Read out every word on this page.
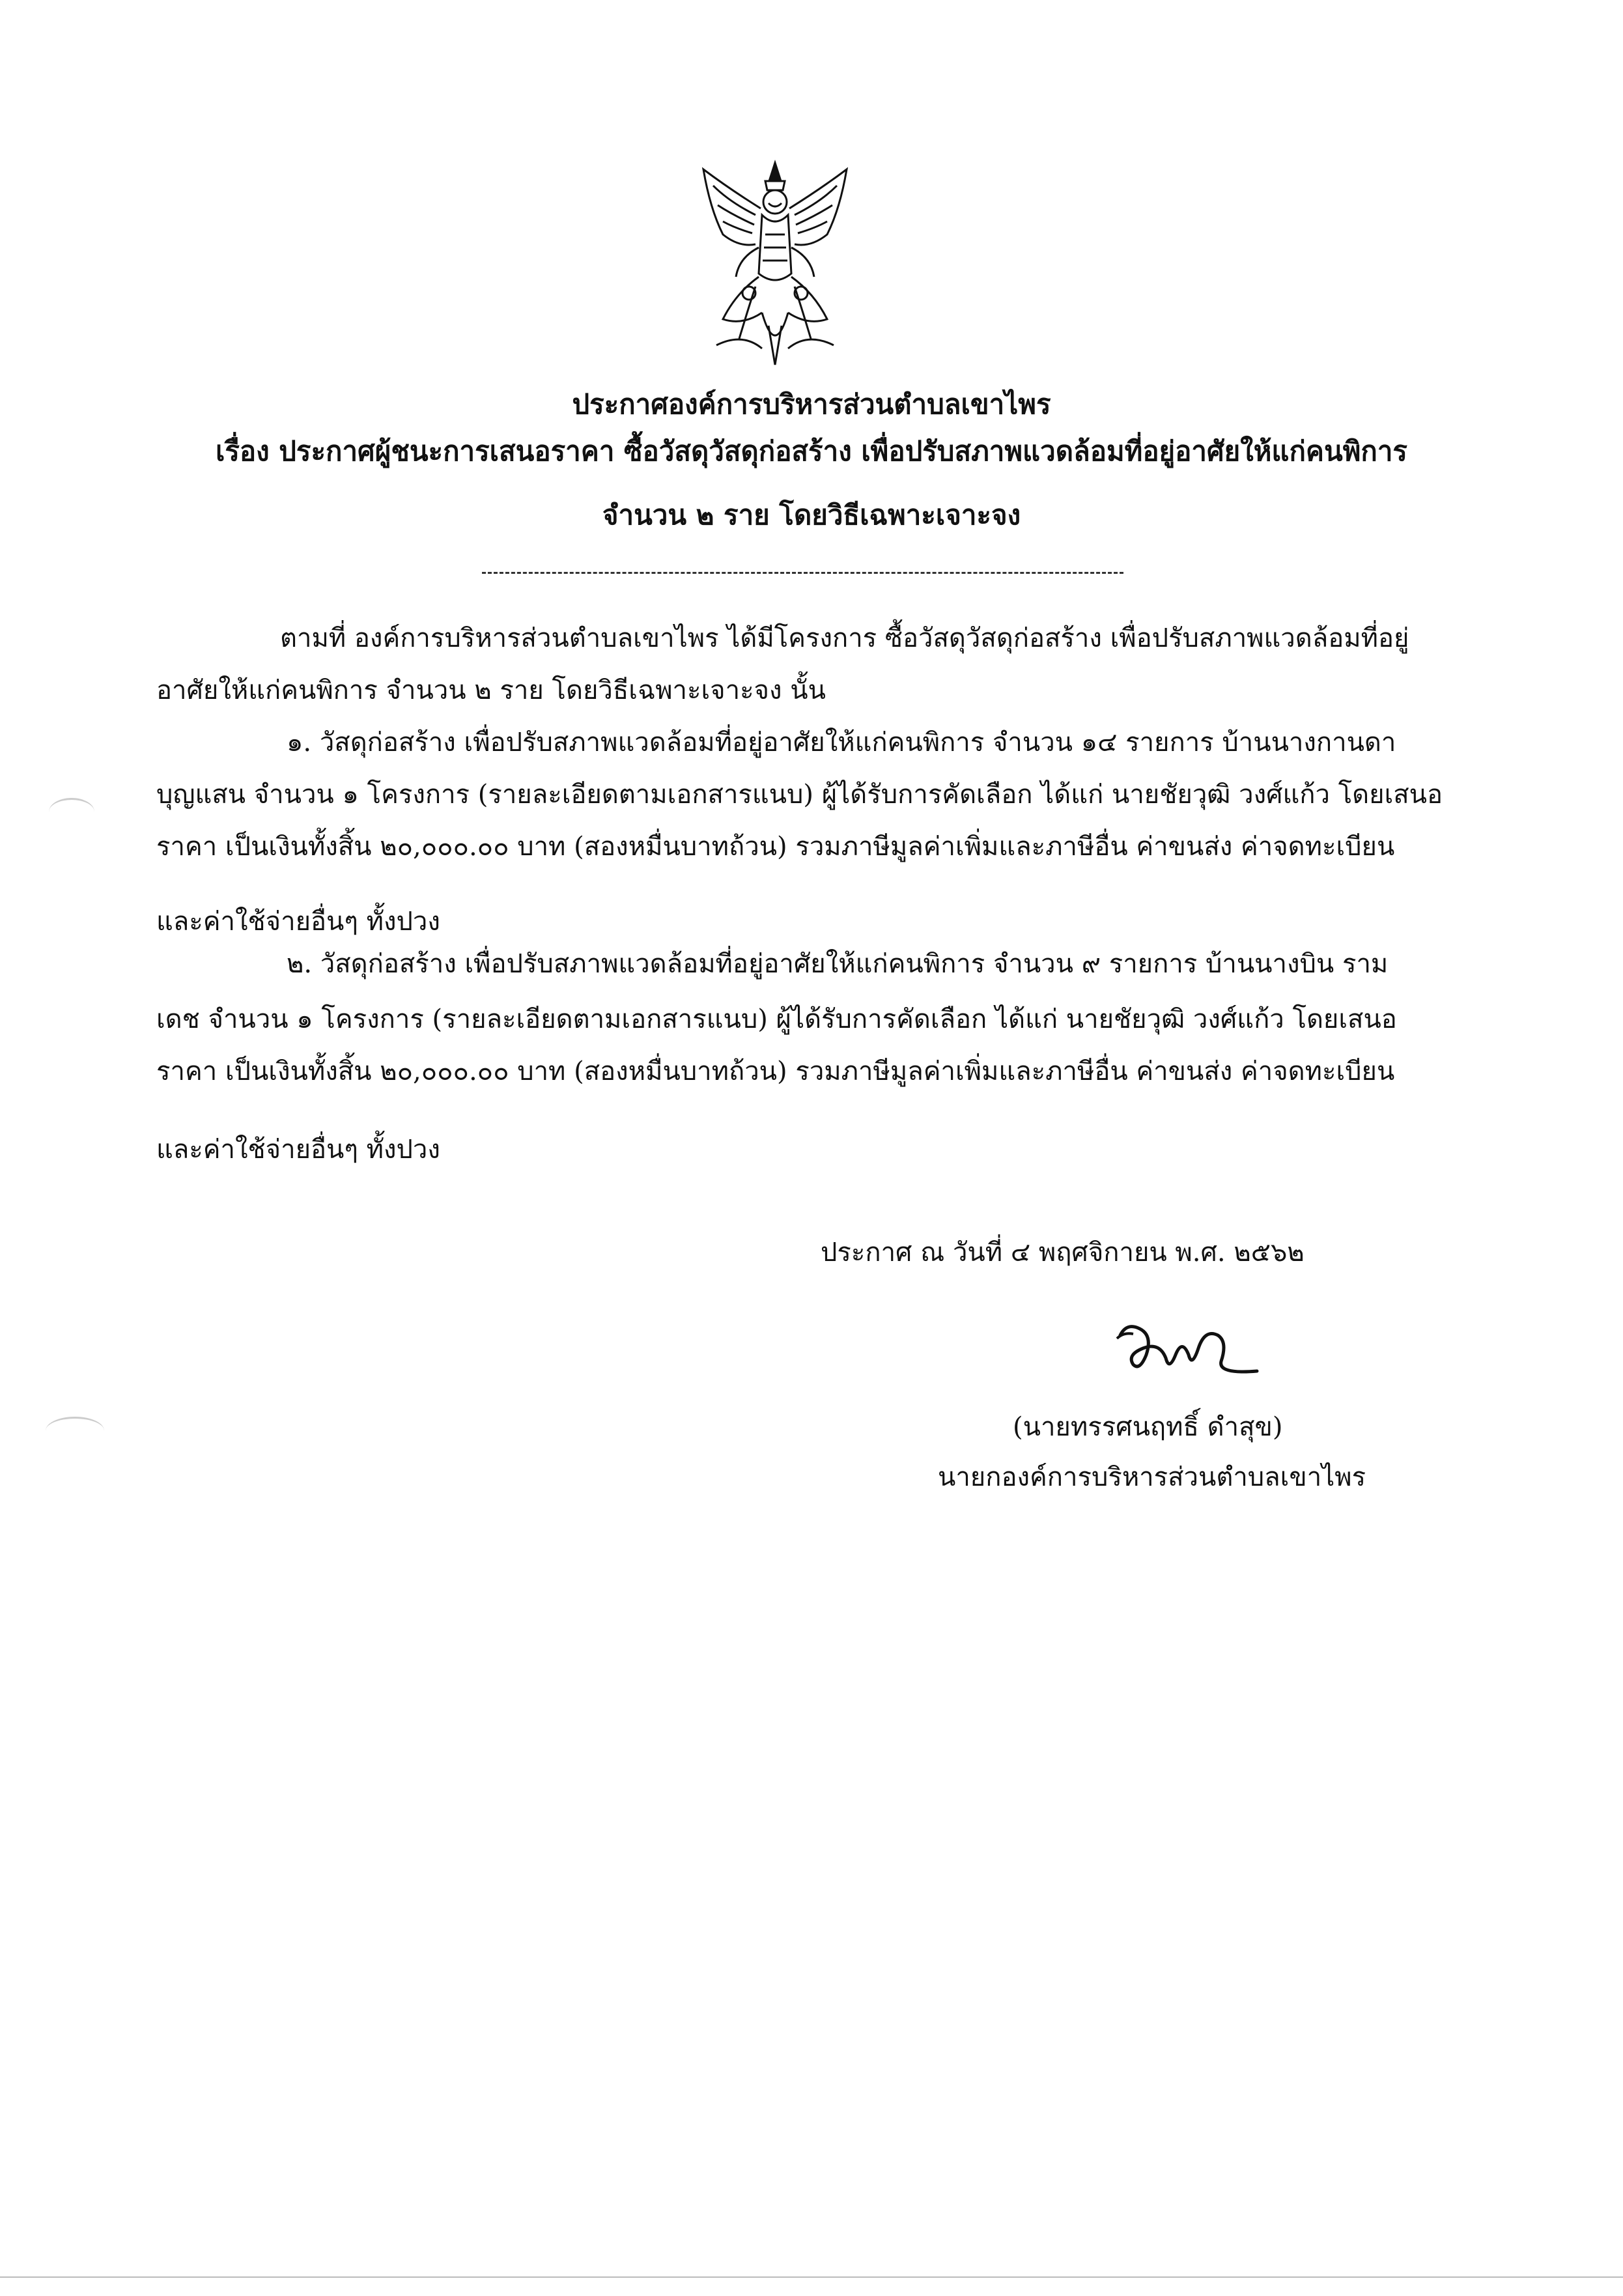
ประกาศองค์การบริหารส่วนตำบลเขาไพร
เรื่อง ประกาศผู้ชนะการเสนอราคา ซื้อวัสดุวัสดุก่อสร้าง เพื่อปรับสภาพแวดล้อมที่อยู่อาศัยให้แก่คนพิการ
จำนวน ๒ ราย โดยวิธีเฉพาะเจาะจง
ตามที่ องค์การบริหารส่วนตำบลเขาไพร ได้มีโครงการ ซื้อวัสดุวัสดุก่อสร้าง เพื่อปรับสภาพแวดล้อมที่อยู่
อาศัยให้แก่คนพิการ จำนวน ๒ ราย โดยวิธีเฉพาะเจาะจง นั้น
๑. วัสดุก่อสร้าง เพื่อปรับสภาพแวดล้อมที่อยู่อาศัยให้แก่คนพิการ จำนวน ๑๔ รายการ บ้านนางกานดา
บุญแสน จำนวน ๑ โครงการ (รายละเอียดตามเอกสารแนบ) ผู้ได้รับการคัดเลือก ได้แก่ นายชัยวุฒิ วงศ์แก้ว โดยเสนอ
ราคา เป็นเงินทั้งสิ้น ๒๐,๐๐๐.๐๐ บาท (สองหมื่นบาทถ้วน) รวมภาษีมูลค่าเพิ่มและภาษีอื่น ค่าขนส่ง ค่าจดทะเบียน
และค่าใช้จ่ายอื่นๆ ทั้งปวง
๒. วัสดุก่อสร้าง เพื่อปรับสภาพแวดล้อมที่อยู่อาศัยให้แก่คนพิการ จำนวน ๙ รายการ บ้านนางบิน ราม
เดช จำนวน ๑ โครงการ (รายละเอียดตามเอกสารแนบ) ผู้ได้รับการคัดเลือก ได้แก่ นายชัยวุฒิ วงศ์แก้ว โดยเสนอ
ราคา เป็นเงินทั้งสิ้น ๒๐,๐๐๐.๐๐ บาท (สองหมื่นบาทถ้วน) รวมภาษีมูลค่าเพิ่มและภาษีอื่น ค่าขนส่ง ค่าจดทะเบียน
และค่าใช้จ่ายอื่นๆ ทั้งปวง
ประกาศ ณ วันที่ ๔ พฤศจิกายน พ.ศ. ๒๕๖๒
(นายทรรศนฤทธิ์ ดำสุข)
นายกองค์การบริหารส่วนตำบลเขาไพร
